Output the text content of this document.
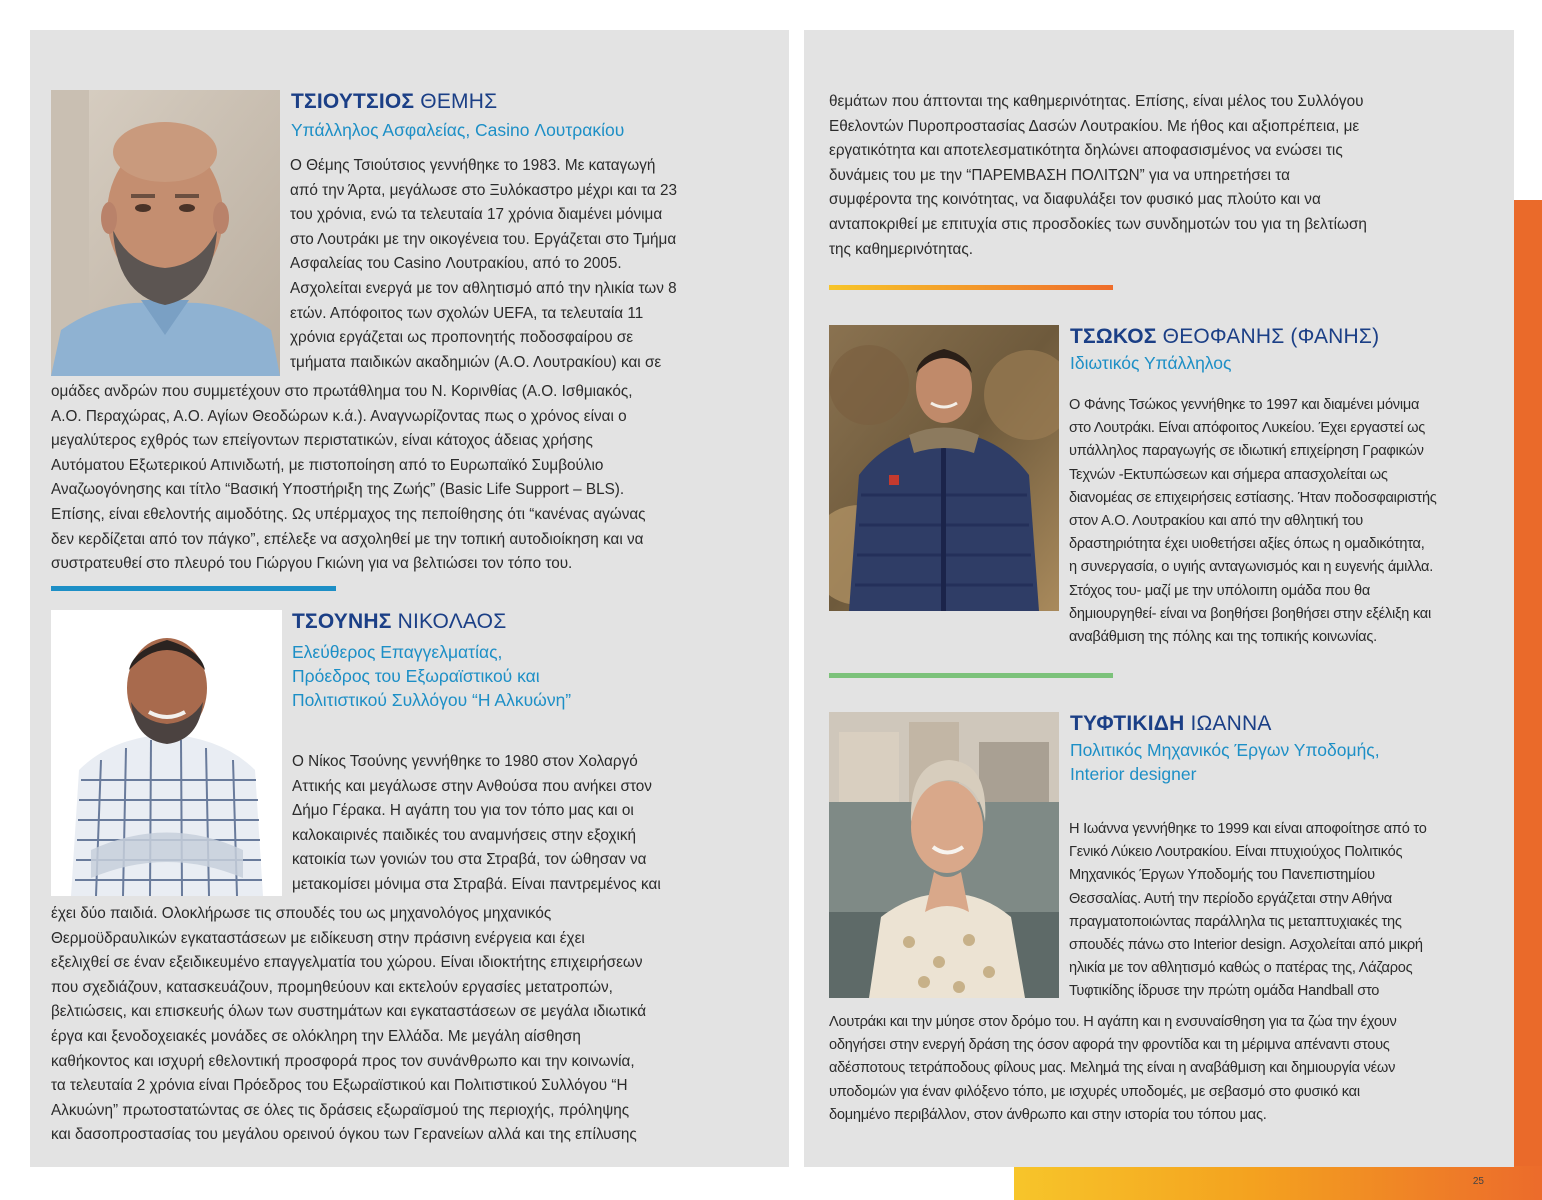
25
ΤΣΙΟΥΤΣΙΟΣ ΘΕΜΗΣ
Υπάλληλος Ασφαλείας, Casino Λουτρακίου
Ο Θέμης Τσιούτσιος γεννήθηκε το 1983. Με καταγωγή
από την Άρτα, μεγάλωσε στο Ξυλόκαστρο μέχρι και τα 23
του χρόνια, ενώ τα τελευταία 17 χρόνια διαμένει μόνιμα
στο Λουτράκι με την οικογένεια του. Εργάζεται στο Τμήμα
Ασφαλείας του Casino Λουτρακίου, από το 2005.
Ασχολείται ενεργά με τον αθλητισμό από την ηλικία των 8
ετών. Απόφοιτος των σχολών UEFA, τα τελευταία 11
χρόνια εργάζεται ως προπονητής ποδοσφαίρου σε
τμήματα παιδικών ακαδημιών (Α.Ο. Λουτρακίου) και σε
ομάδες ανδρών που συμμετέχουν στο πρωτάθλημα του Ν. Κορινθίας (Α.Ο. Ισθμιακός,
Α.Ο. Περαχώρας, Α.Ο. Αγίων Θεοδώρων κ.ά.). Αναγνωρίζοντας πως ο χρόνος είναι ο
μεγαλύτερος εχθρός των επείγοντων περιστατικών, είναι κάτοχος άδειας χρήσης
Αυτόματου Εξωτερικού Απινιδωτή, με πιστοποίηση από το Ευρωπαϊκό Συμβούλιο
Αναζωογόνησης και τίτλο “Βασική Υποστήριξη της Ζωής” (Basic Life Support – BLS).
Επίσης, είναι εθελοντής αιμοδότης. Ως υπέρμαχος της πεποίθησης ότι “κανένας αγώνας
δεν κερδίζεται από τον πάγκο”, επέλεξε να ασχοληθεί με την τοπική αυτοδιοίκηση και να
συστρατευθεί στο πλευρό του Γιώργου Γκιώνη για να βελτιώσει τον τόπο του.
ΤΣΟΥΝΗΣ ΝΙΚΟΛΑΟΣ
Ελεύθερος Επαγγελματίας,
Πρόεδρος του Εξωραϊστικού και
Πολιτιστικού Συλλόγου “Η Αλκυώνη”
Ο Νίκος Τσούνης γεννήθηκε το 1980 στον Χολαργό
Αττικής και μεγάλωσε στην Ανθούσα που ανήκει στον
Δήμο Γέρακα. Η αγάπη του για τον τόπο μας και οι
καλοκαιρινές παιδικές του αναμνήσεις στην εξοχική
κατοικία των γονιών του στα Στραβά, τον ώθησαν να
μετακομίσει μόνιμα στα Στραβά. Είναι παντρεμένος και
έχει δύο παιδιά. Ολοκλήρωσε τις σπουδές του ως μηχανολόγος μηχανικός
Θερμοϋδραυλικών εγκαταστάσεων με ειδίκευση στην πράσινη ενέργεια και έχει
εξελιχθεί σε έναν εξειδικευμένο επαγγελματία του χώρου. Είναι ιδιοκτήτης επιχειρήσεων
που σχεδιάζουν, κατασκευάζουν, προμηθεύουν και εκτελούν εργασίες μετατροπών,
βελτιώσεις, και επισκευής όλων των συστημάτων και εγκαταστάσεων σε μεγάλα ιδιωτικά
έργα και ξενοδοχειακές μονάδες σε ολόκληρη την Ελλάδα. Με μεγάλη αίσθηση
καθήκοντος και ισχυρή εθελοντική προσφορά προς τον συνάνθρωπο και την κοινωνία,
τα τελευταία 2 χρόνια είναι Πρόεδρος του Εξωραϊστικού και Πολιτιστικού Συλλόγου “Η
Αλκυώνη” πρωτοστατώντας σε όλες τις δράσεις εξωραϊσμού της περιοχής, πρόληψης
και δασοπροστασίας του μεγάλου ορεινού όγκου των Γερανείων αλλά και της επίλυσης
θεμάτων που άπτονται της καθημερινότητας. Επίσης, είναι μέλος του Συλλόγου
Εθελοντών Πυροπροστασίας Δασών Λουτρακίου. Με ήθος και αξιοπρέπεια, με
εργατικότητα και αποτελεσματικότητα δηλώνει αποφασισμένος να ενώσει τις
δυνάμεις του με την “ΠΑΡΕΜΒΑΣΗ ΠΟΛΙΤΩΝ” για να υπηρετήσει τα
συμφέροντα της κοινότητας, να διαφυλάξει τον φυσικό μας πλούτο και να
ανταποκριθεί με επιτυχία στις προσδοκίες των συνδημοτών του για τη βελτίωση
της καθημερινότητας.
ΤΣΩΚΟΣ ΘΕΟΦΑΝΗΣ (ΦΑΝΗΣ)
Ιδιωτικός Υπάλληλος
Ο Φάνης Τσώκος γεννήθηκε το 1997 και διαμένει μόνιμα
στο Λουτράκι. Είναι απόφοιτος Λυκείου. Έχει εργαστεί ως
υπάλληλος παραγωγής σε ιδιωτική επιχείρηση Γραφικών
Τεχνών -Εκτυπώσεων και σήμερα απασχολείται ως
διανομέας σε επιχειρήσεις εστίασης. Ήταν ποδοσφαιριστής
στον Α.Ο. Λουτρακίου και από την αθλητική του
δραστηριότητα έχει υιοθετήσει αξίες όπως η ομαδικότητα,
η συνεργασία, ο υγιής ανταγωνισμός και η ευγενής άμιλλα.
Στόχος του- μαζί με την υπόλοιπη ομάδα που θα
δημιουργηθεί- είναι να βοηθήσει βοηθήσει στην εξέλιξη και
αναβάθμιση της πόλης και της τοπικής κοινωνίας.
ΤΥΦΤΙΚΙΔΗ ΙΩΑΝΝΑ
Πολιτικός Μηχανικός Έργων Υποδομής,
Interior designer
Η Ιωάννα γεννήθηκε το 1999 και είναι αποφοίτησε από το
Γενικό Λύκειο Λουτρακίου. Είναι πτυχιούχος Πολιτικός
Μηχανικός Έργων Υποδομής του Πανεπιστημίου
Θεσσαλίας. Αυτή την περίοδο εργάζεται στην Αθήνα
πραγματοποιώντας παράλληλα τις μεταπτυχιακές της
σπουδές πάνω στο Interior design. Ασχολείται από μικρή
ηλικία με τον αθλητισμό καθώς ο πατέρας της, Λάζαρος
Τυφτικίδης ίδρυσε την πρώτη ομάδα Handball στο
Λουτράκι και την μύησε στον δρόμο του. Η αγάπη και η ενσυναίσθηση για τα ζώα την έχουν
οδηγήσει στην ενεργή δράση της όσον αφορά την φροντίδα και τη μέριμνα απέναντι στους
αδέσποτους τετράποδους φίλους μας. Μελημά της είναι η αναβάθμιση και δημιουργία νέων
υποδομών για έναν φιλόξενο τόπο, με ισχυρές υποδομές, με σεβασμό στο φυσικό και
δομημένο περιβάλλον, στον άνθρωπο και στην ιστορία του τόπου μας.
